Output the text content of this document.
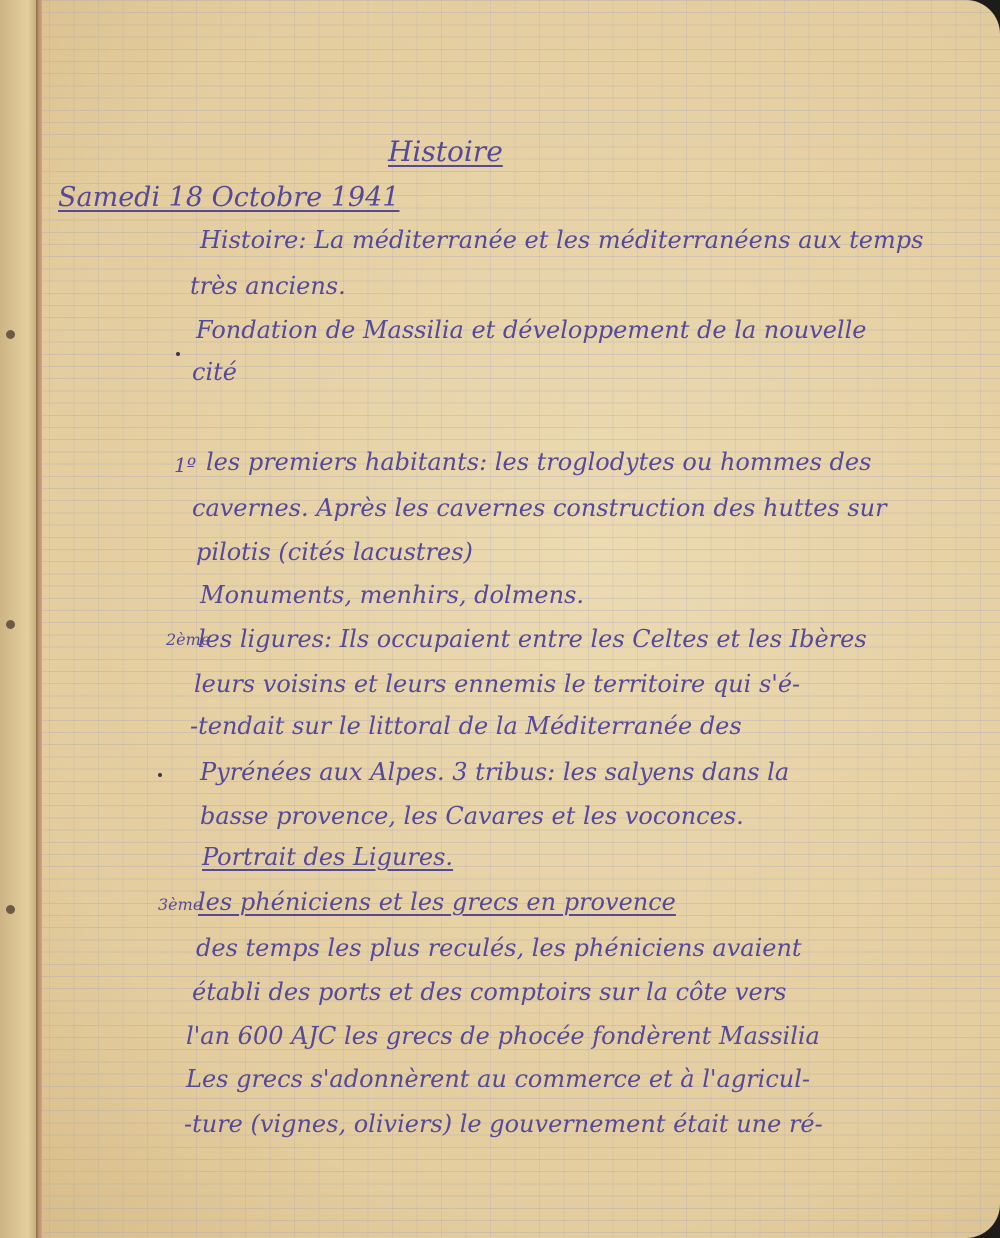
Histoire

Samedi 18 Octobre 1941

Histoire: La méditerranée et les méditerranéens aux temps

très anciens.

Fondation de Massilia et développement de la nouvelle

cité

1º les premiers habitants: les troglodytes ou hommes des

cavernes. Après les cavernes construction des huttes sur

pilotis (cités lacustres)

Monuments, menhirs, dolmens.

2ème

les ligures: Ils occupaient entre les Celtes et les Ibères

leurs voisins et leurs ennemis le territoire qui s'é-

-tendait sur le littoral de la Méditerranée des

Pyrénées aux Alpes. 3 tribus: les salyens dans la

basse provence, les Cavares et les voconces.

Portrait des Ligures.

3ème

les phéniciens et les grecs en provence

des temps les plus reculés, les phéniciens avaient

établi des ports et des comptoirs sur la côte vers

l'an 600 AJC les grecs de phocée fondèrent Massilia

Les grecs s'adonnèrent au commerce et à l'agricul-

-ture (vignes, oliviers) le gouvernement était une ré-
